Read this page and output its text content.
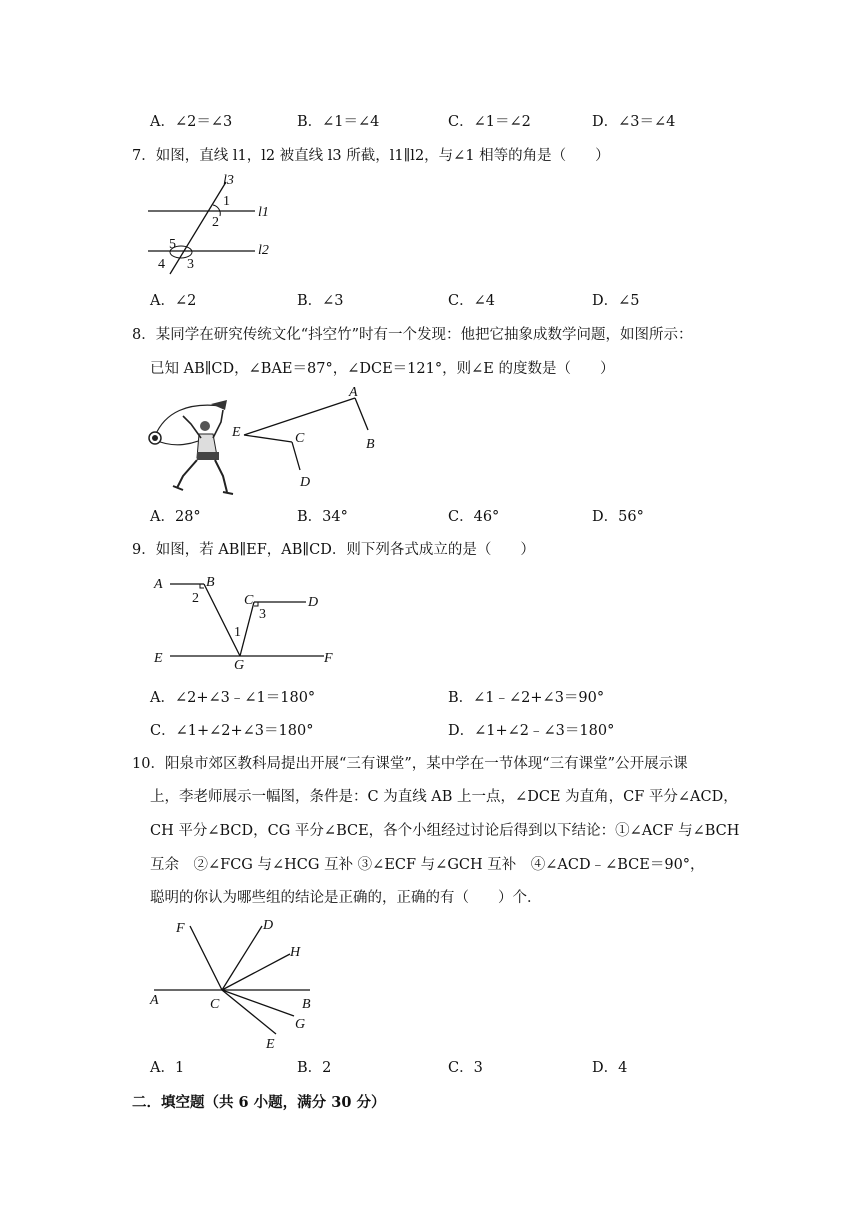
A．∠2＝∠3	B．∠1＝∠4	C．∠1＝∠2	D．∠3＝∠4
7．如图，直线 l1，l2 被直线 l3 所截，l1∥l2，与∠1 相等的角是（　　）
l3
l1
l2
1
2
3
4
5
A．∠2	B．∠3	C．∠4	D．∠5
8．某同学在研究传统文化“抖空竹”时有一个发现：他把它抽象成数学问题，如图所示：
已知 AB∥CD，∠BAE＝87°，∠DCE＝121°，则∠E 的度数是（　　）
A
B
C
D
E
A．28°	B．34°	C．46°	D．56°
9．如图，若 AB∥EF，AB∥CD．则下列各式成立的是（　　）
A	B
C	D
E	F
G
1
2
3
A．∠2+∠3﹣∠1＝180°	B．∠1﹣∠2+∠3＝90°
C．∠1+∠2+∠3＝180°	D．∠1+∠2﹣∠3＝180°
10．阳泉市郊区教科局提出开展“三有课堂”，某中学在一节体现“三有课堂”公开展示课
上，李老师展示一幅图，条件是：C 为直线 AB 上一点，∠DCE 为直角，CF 平分∠ACD，
CH 平分∠BCD，CG 平分∠BCE，各个小组经过讨论后得到以下结论：①∠ACF 与∠BCH
互余　②∠FCG 与∠HCG 互补 ③∠ECF 与∠GCH 互补　④∠ACD﹣∠BCE＝90°，
聪明的你认为哪些组的结论是正确的，正确的有（　　）个．
F	D
H
A	C	B
G
E
A．1	B．2	C．3	D．4
二．填空题（共 6 小题，满分 30 分）
